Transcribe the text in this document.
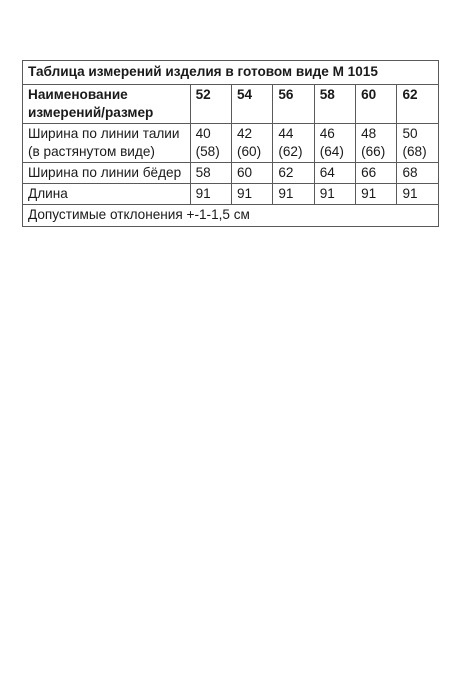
Таблица измерений изделия в готовом виде М 1015						
Наименование измерений/размер	52	54	56	58	60	62
Ширина по линии талии (в растянутом виде)	40 (58)	42 (60)	44 (62)	46 (64)	48 (66)	50 (68)
Ширина по линии бёдер	58	60	62	64	66	68
Длина	91	91	91	91	91	91
Допустимые отклонения +-1-1,5 см						
